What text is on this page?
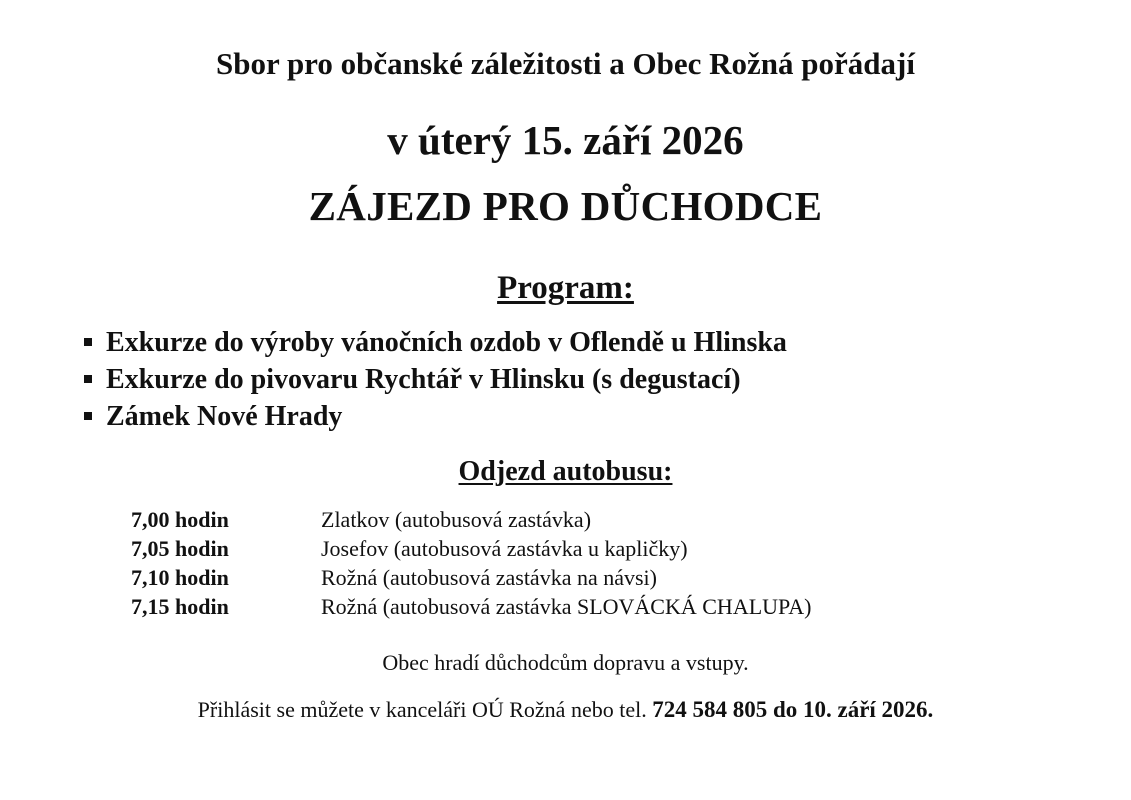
Sbor pro občanské záležitosti a Obec Rožná pořádají
v úterý 15. září 2026
ZÁJEZD PRO DŮCHODCE
Program:
Exkurze do výroby vánočních ozdob v Oflendě u Hlinska
Exkurze do pivovaru Rychtář v Hlinsku (s degustací)
Zámek Nové Hrady
Odjezd autobusu:
7,00 hodin	Zlatkov (autobusová zastávka)
7,05 hodin	Josefov (autobusová zastávka u kapličky)
7,10 hodin	Rožná (autobusová zastávka na návsi)
7,15 hodin	Rožná (autobusová zastávka SLOVÁCKÁ CHALUPA)
Obec hradí důchodcům dopravu a vstupy.
Přihlásit se můžete v kanceláři OÚ Rožná nebo tel. 724 584 805 do 10. září 2026.
